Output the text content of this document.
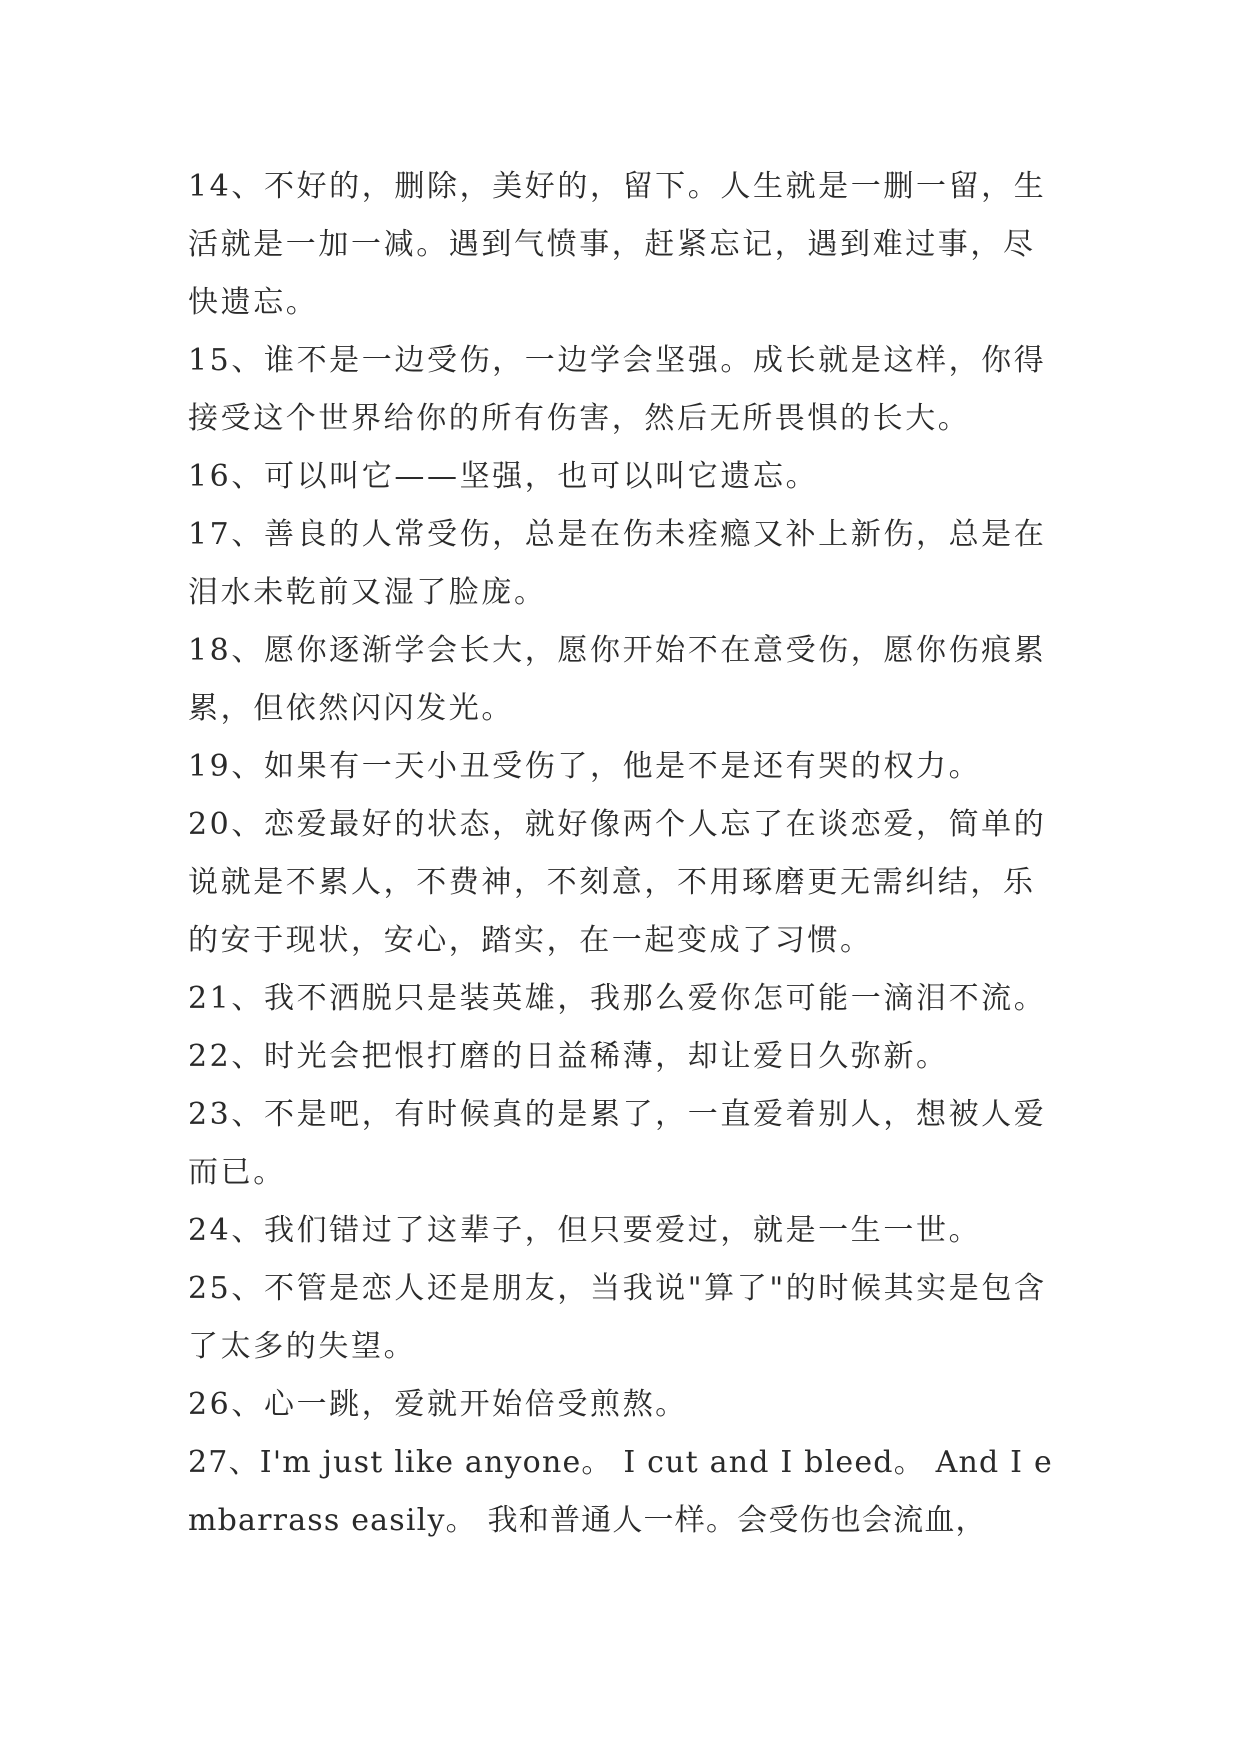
14、不好的，删除，美好的，留下。人生就是一删一留，生活就是一加一减。遇到气愤事，赶紧忘记，遇到难过事，尽快遗忘。

15、谁不是一边受伤，一边学会坚强。成长就是这样，你得接受这个世界给你的所有伤害，然后无所畏惧的长大。

16、可以叫它——坚强，也可以叫它遗忘。

17、善良的人常受伤，总是在伤未痊瘾又补上新伤，总是在泪水未乾前又湿了脸庞。

18、愿你逐渐学会长大，愿你开始不在意受伤，愿你伤痕累累，但依然闪闪发光。

19、如果有一天小丑受伤了，他是不是还有哭的权力。

20、恋爱最好的状态，就好像两个人忘了在谈恋爱，简单的说就是不累人，不费神，不刻意，不用琢磨更无需纠结，乐的安于现状，安心，踏实，在一起变成了习惯。

21、我不洒脱只是装英雄，我那么爱你怎可能一滴泪不流。

22、时光会把恨打磨的日益稀薄，却让爱日久弥新。

23、不是吧，有时候真的是累了，一直爱着别人，想被人爱而已。

24、我们错过了这辈子，但只要爱过，就是一生一世。

25、不管是恋人还是朋友，当我说"算了"的时候其实是包含了太多的失望。

26、心一跳，爱就开始倍受煎熬。

27、I'm just like anyone。 I cut and I bleed。 And I embarrass easily。 我和普通人一样。会受伤也会流血，
